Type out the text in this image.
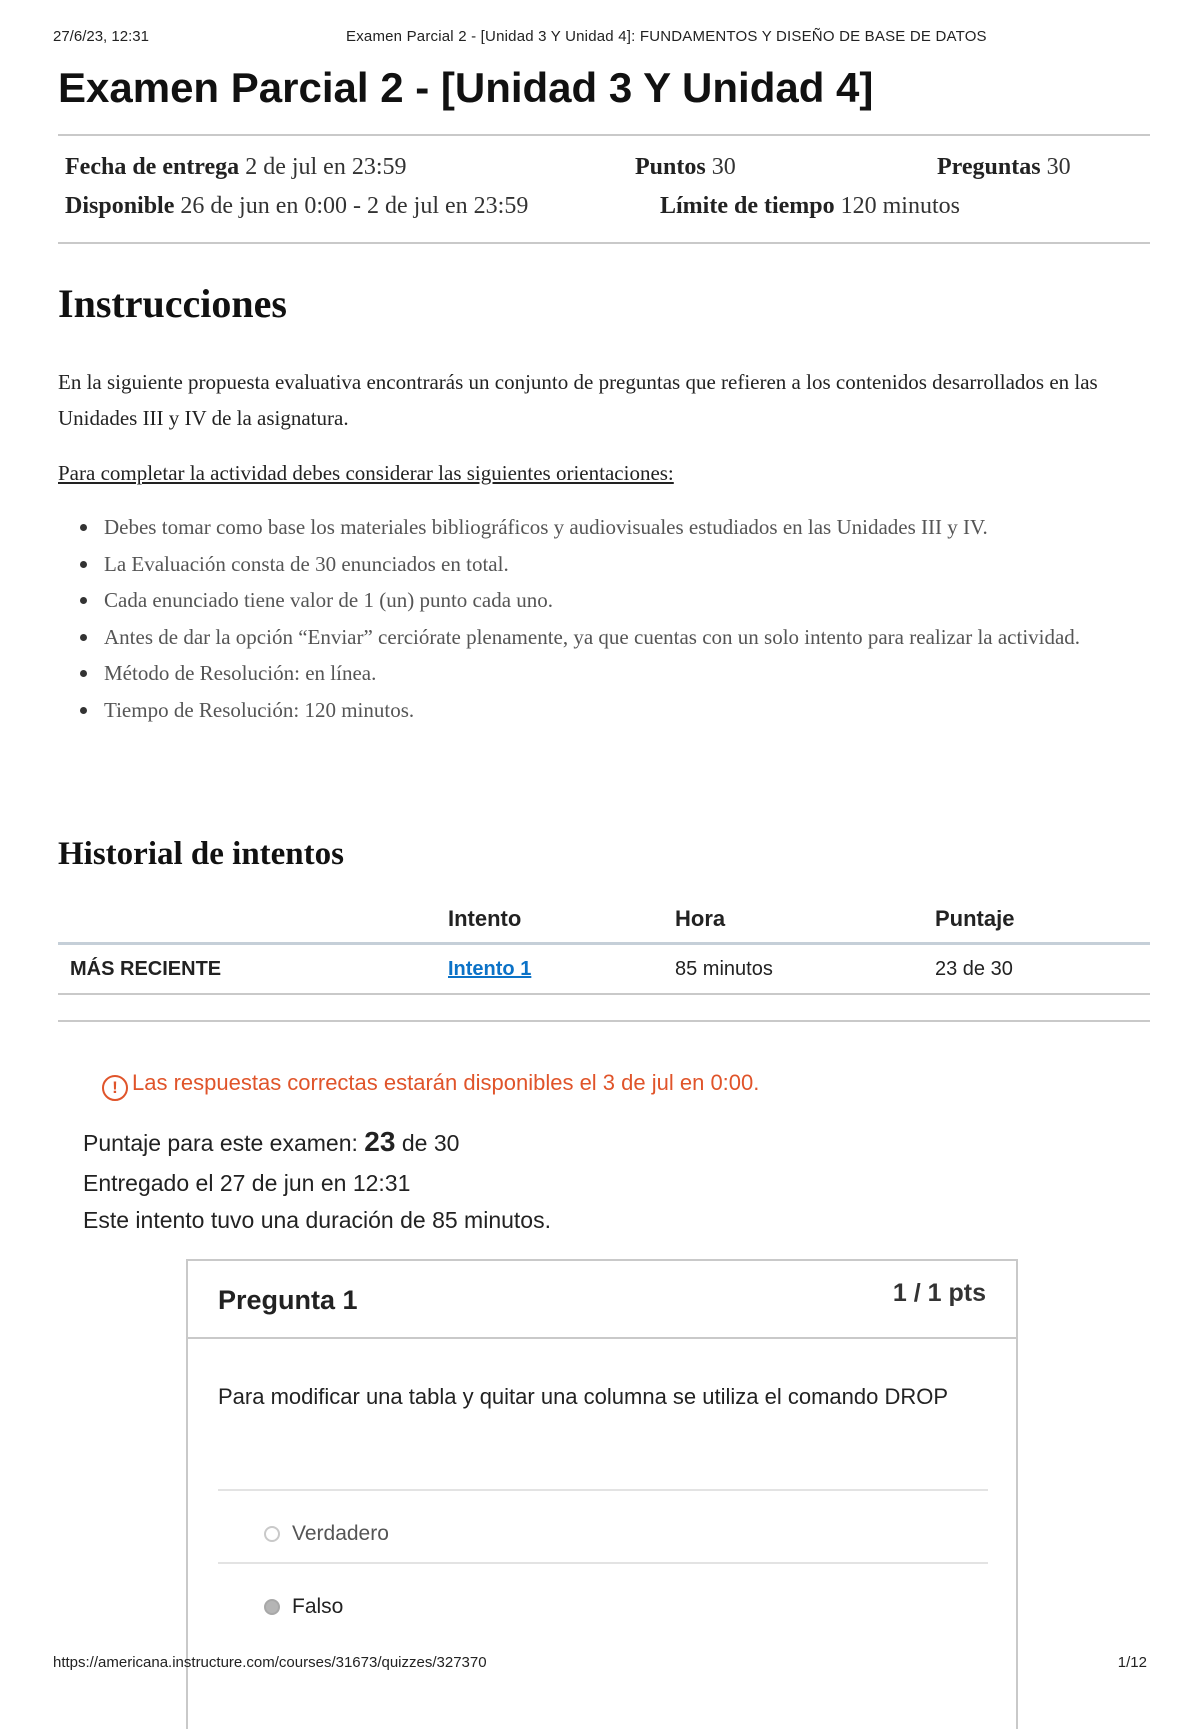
27/6/23, 12:31	Examen Parcial 2 - [Unidad 3 Y Unidad 4]: FUNDAMENTOS Y DISEÑO DE BASE DE DATOS
Examen Parcial 2 - [Unidad 3 Y Unidad 4]
Fecha de entrega 2 de jul en 23:59	Puntos 30	Preguntas 30
Disponible 26 de jun en 0:00 - 2 de jul en 23:59	Límite de tiempo 120 minutos
Instrucciones

En la siguiente propuesta evaluativa encontrarás un conjunto de preguntas que refieren a los contenidos desarrollados en las Unidades III y IV de la asignatura.

Para completar la actividad debes considerar las siguientes orientaciones:

Debes tomar como base los materiales bibliográficos y audiovisuales estudiados en las Unidades III y IV.
La Evaluación consta de 30 enunciados en total.
Cada enunciado tiene valor de 1 (un) punto cada uno.
Antes de dar la opción “Enviar” cerciórate plenamente, ya que cuentas con un solo intento para realizar la actividad.
Método de Resolución: en línea.
Tiempo de Resolución: 120 minutos.
Historial de intentos
	Intento	Hora	Puntaje
MÁS RECIENTE	Intento 1	85 minutos	23 de 30
! Las respuestas correctas estarán disponibles el 3 de jul en 0:00.
Puntaje para este examen: 23 de 30
Entregado el 27 de jun en 12:31
Este intento tuvo una duración de 85 minutos.
Pregunta 1	1 / 1 pts
Para modificar una tabla y quitar una columna se utiliza el comando DROP
Verdadero
Falso
https://americana.instructure.com/courses/31673/quizzes/327370	1/12
